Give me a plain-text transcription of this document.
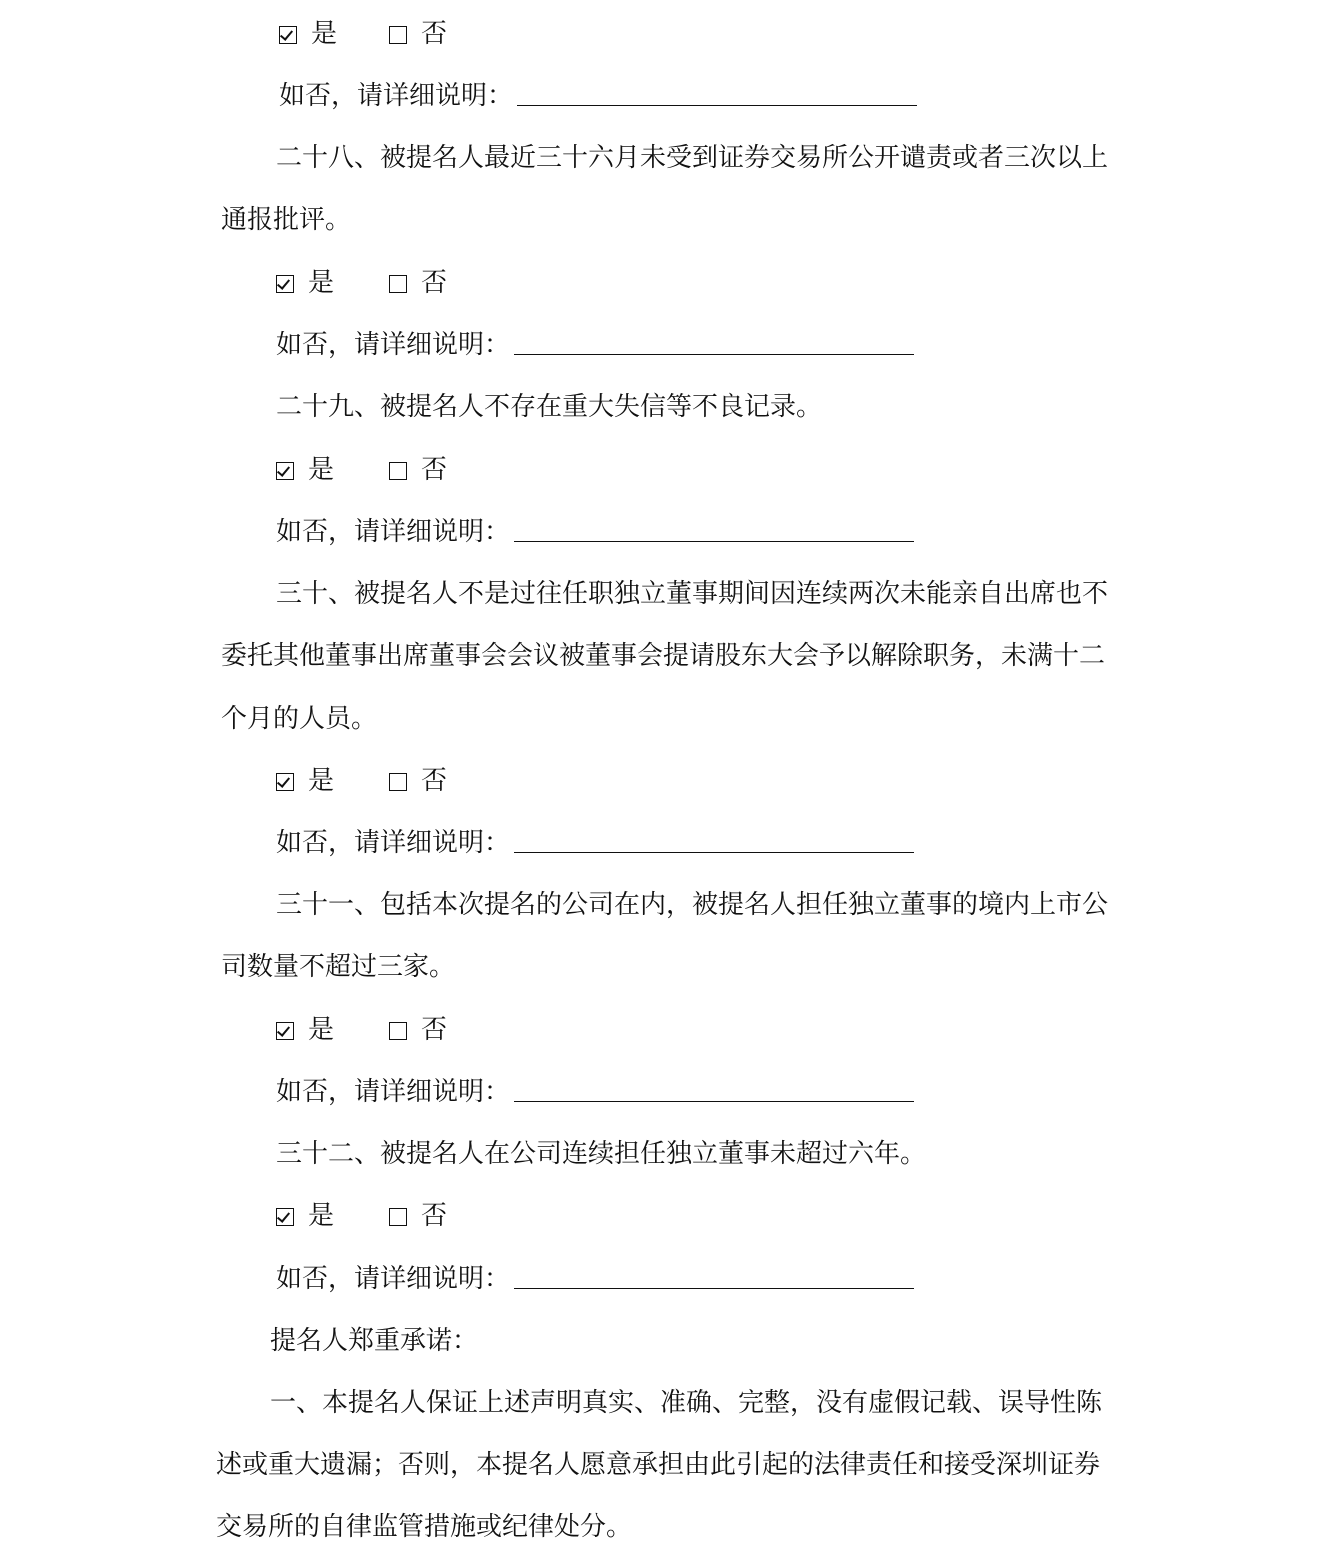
是	否
如否，请详细说明：
二十八、被提名人最近三十六月未受到证券交易所公开谴责或者三次以上
通报批评。
是	否
如否，请详细说明：
二十九、被提名人不存在重大失信等不良记录。
是	否
如否，请详细说明：
三十、被提名人不是过往任职独立董事期间因连续两次未能亲自出席也不
委托其他董事出席董事会会议被董事会提请股东大会予以解除职务，未满十二
个月的人员。
是	否
如否，请详细说明：
三十一、包括本次提名的公司在内，被提名人担任独立董事的境内上市公
司数量不超过三家。
是	否
如否，请详细说明：
三十二、被提名人在公司连续担任独立董事未超过六年。
是	否
如否，请详细说明：
提名人郑重承诺：
一、本提名人保证上述声明真实、准确、完整，没有虚假记载、误导性陈
述或重大遗漏；否则，本提名人愿意承担由此引起的法律责任和接受深圳证券
交易所的自律监管措施或纪律处分。
